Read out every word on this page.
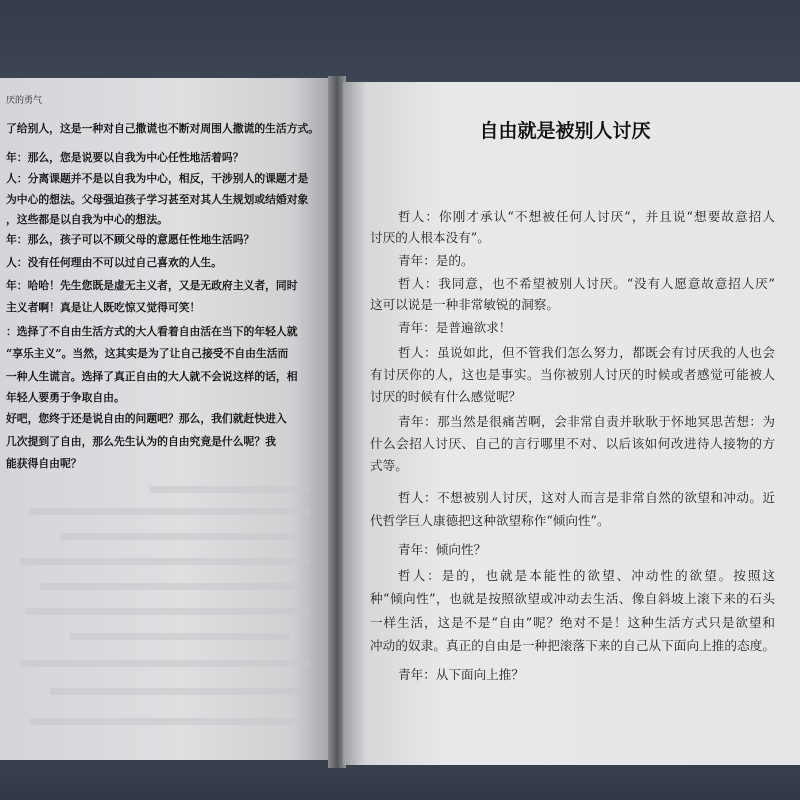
厌的勇气
了给别人，这是一种对自己撒谎也不断对周围人撒谎的生活方式。
年：那么，您是说要以自我为中心任性地活着吗？
人：分离课题并不是以自我为中心，相反，干涉别人的课题才是
为中心的想法。父母强迫孩子学习甚至对其人生规划或结婚对象
，这些都是以自我为中心的想法。
年：那么，孩子可以不顾父母的意愿任性地生活吗？
人：没有任何理由不可以过自己喜欢的人生。
年：哈哈！先生您既是虚无主义者，又是无政府主义者，同时
主义者啊！真是让人既吃惊又觉得可笑！
：选择了不自由生活方式的大人看着自由活在当下的年轻人就
“享乐主义”。当然，这其实是为了让自己接受不自由生活而
一种人生谎言。选择了真正自由的大人就不会说这样的话，相
年轻人要勇于争取自由。
好吧，您终于还是说自由的问题吧？那么，我们就赶快进入
几次提到了自由，那么先生认为的自由究竟是什么呢？我
能获得自由呢？
自由就是被别人讨厌
哲人：你刚才承认“不想被任何人讨厌”，并且说“想要故意招人
讨厌的人根本没有”。
青年：是的。
哲人：我同意，也不希望被别人讨厌。“没有人愿意故意招人厌”
这可以说是一种非常敏锐的洞察。
青年：是普遍欲求！
哲人：虽说如此，但不管我们怎么努力，都既会有讨厌我的人也会
有讨厌你的人，这也是事实。当你被别人讨厌的时候或者感觉可能被人
讨厌的时候有什么感觉呢？
青年：那当然是很痛苦啊，会非常自责并耿耿于怀地冥思苦想：为
什么会招人讨厌、自己的言行哪里不对、以后该如何改进待人接物的方
式等。
哲人：不想被别人讨厌，这对人而言是非常自然的欲望和冲动。近
代哲学巨人康德把这种欲望称作“倾向性”。
青年：倾向性？
哲人：是的，也就是本能性的欲望、冲动性的欲望。按照这
种“倾向性”，也就是按照欲望或冲动去生活、像自斜坡上滚下来的石头
一样生活，这是不是“自由”呢？绝对不是！这种生活方式只是欲望和
冲动的奴隶。真正的自由是一种把滚落下来的自己从下面向上推的态度。
青年：从下面向上推？
